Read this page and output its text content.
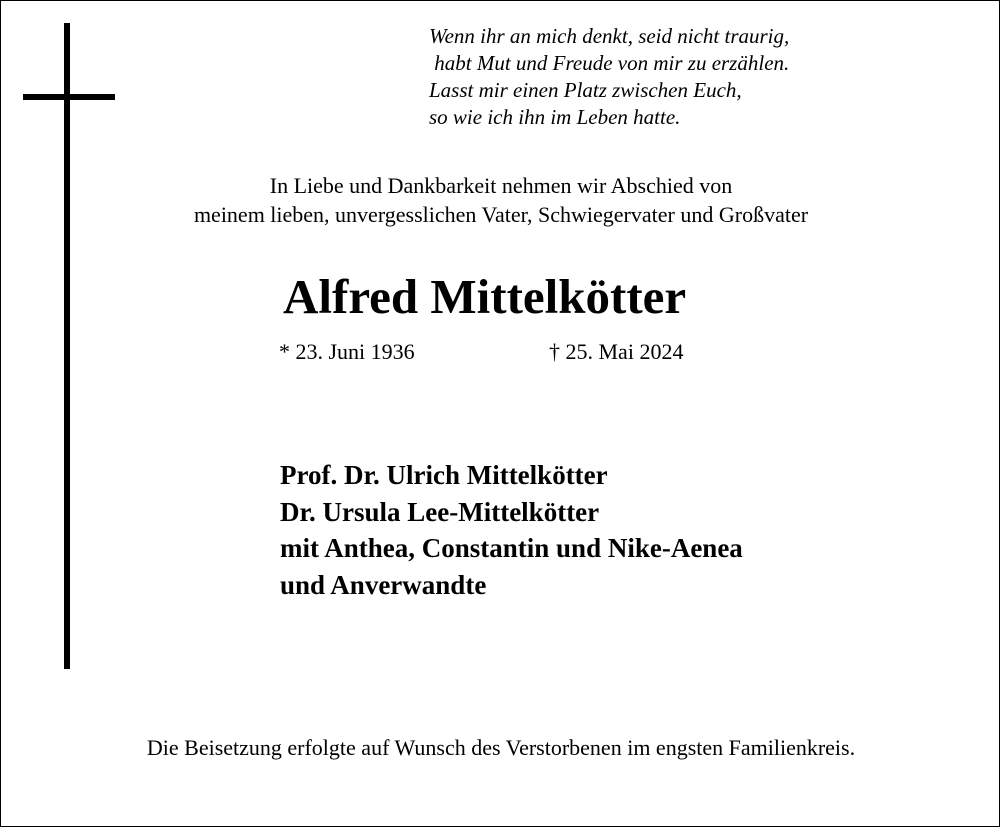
Wenn ihr an mich denkt, seid nicht traurig,
habt Mut und Freude von mir zu erzählen.
Lasst mir einen Platz zwischen Euch,
so wie ich ihn im Leben hatte.
In Liebe und Dankbarkeit nehmen wir Abschied von
meinem lieben, unvergesslichen Vater, Schwiegervater und Großvater
Alfred Mittelkötter
* 23. Juni 1936	† 25. Mai 2024
Prof. Dr. Ulrich Mittelkötter
Dr. Ursula Lee-Mittelkötter
mit Anthea, Constantin und Nike-Aenea
und Anverwandte
Die Beisetzung erfolgte auf Wunsch des Verstorbenen im engsten Familienkreis.
